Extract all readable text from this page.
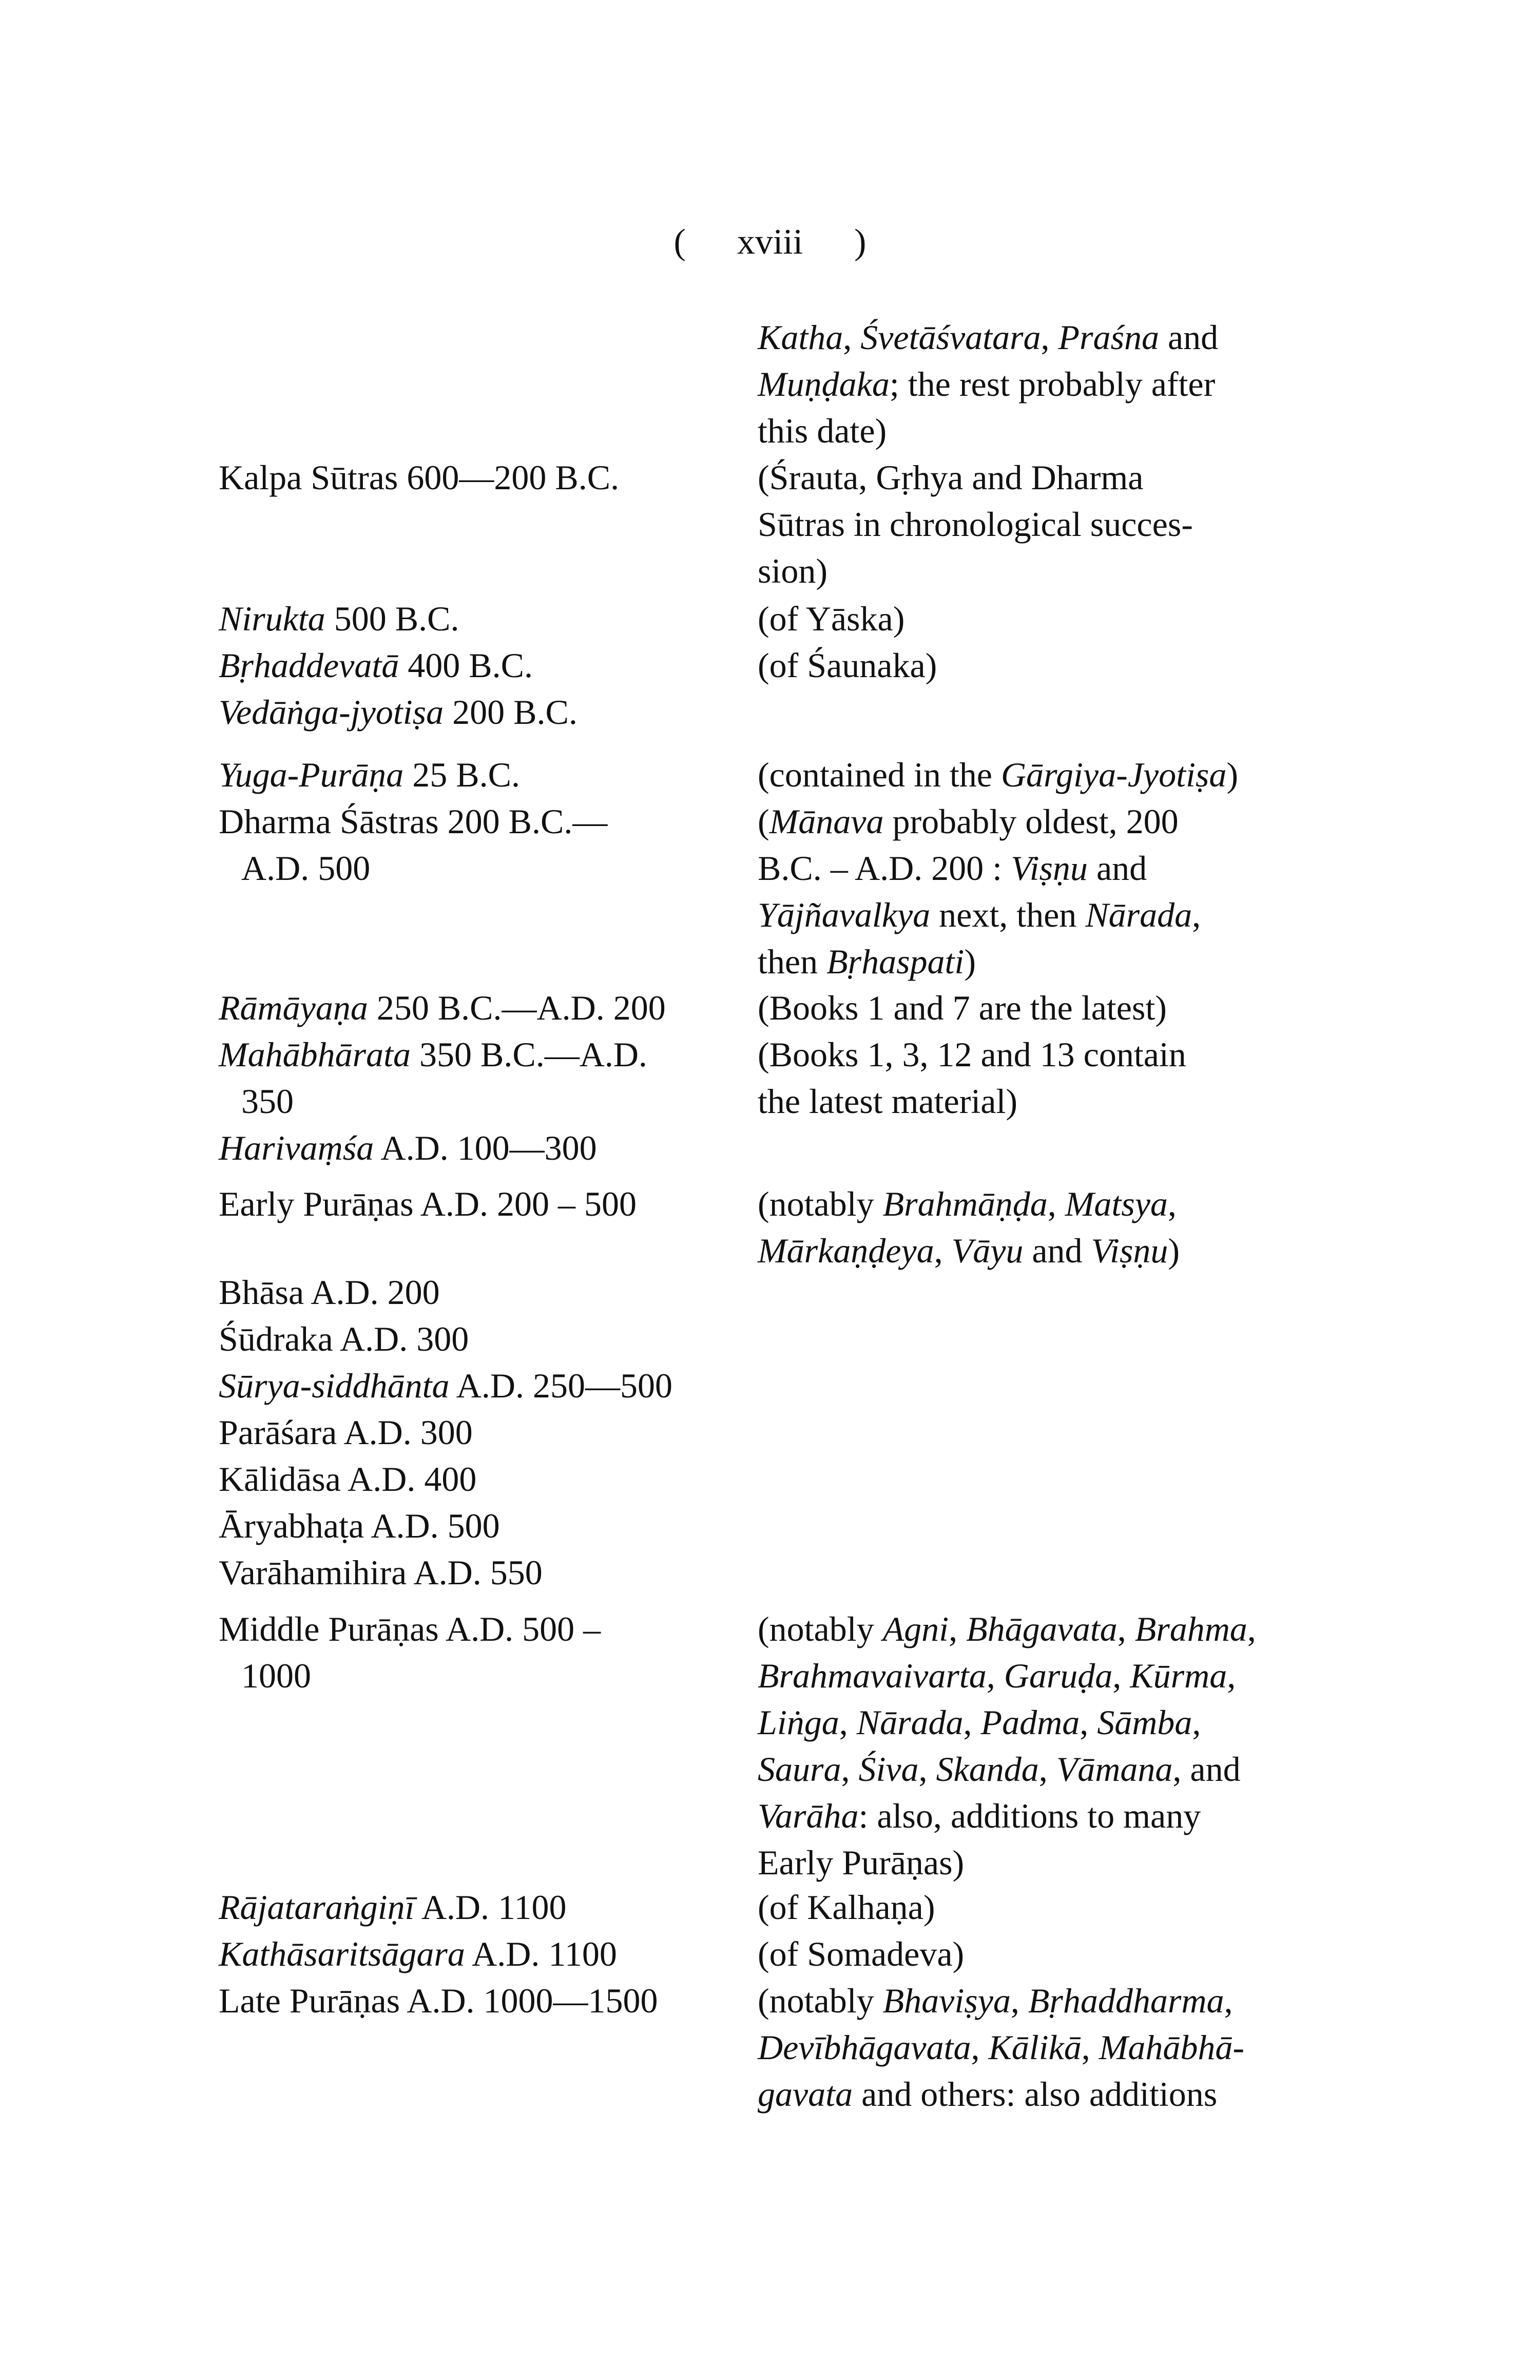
( xviii )
Katha, Śvetāśvatara, Praśna and
Muṇḍaka; the rest probably after
this date)
Kalpa Sūtras 600—200 B.C.	(Śrauta, Gṛhya and Dharma
Sūtras in chronological succes-
sion)
Nirukta 500 B.C.
Bṛhaddevatā 400 B.C.
Vedāṅga-jyotiṣa 200 B.C.
(of Yāska)
(of Śaunaka)
Yuga-Purāṇa 25 B.C.
Dharma Śāstras 200 B.C.—
A.D. 500
(contained in the Gārgiya-Jyotiṣa)
(Mānava probably oldest, 200
B.C. – A.D. 200 : Viṣṇu and
Yājñavalkya next, then Nārada,
then Bṛhaspati)
Rāmāyaṇa 250 B.C.—A.D. 200
Mahābhārata 350 B.C.—A.D.
350
Harivaṃśa A.D. 100—300
(Books 1 and 7 are the latest)
(Books 1, 3, 12 and 13 contain
the latest material)
Early Purāṇas A.D. 200 – 500	(notably Brahmāṇḍa, Matsya,
Mārkaṇḍeya, Vāyu and Viṣṇu)
Bhāsa A.D. 200
Śūdraka A.D. 300
Sūrya-siddhānta A.D. 250—500
Parāśara A.D. 300
Kālidāsa A.D. 400
Āryabhaṭa A.D. 500
Varāhamihira A.D. 550
Middle Purāṇas A.D. 500 –
1000
(notably Agni, Bhāgavata, Brahma,
Brahmavaivarta, Garuḍa, Kūrma,
Liṅga, Nārada, Padma, Sāmba,
Saura, Śiva, Skanda, Vāmana, and
Varāha: also, additions to many
Early Purāṇas)
Rājataraṅgiṇī A.D. 1100
Kathāsaritsāgara A.D. 1100
Late Purāṇas A.D. 1000—1500
(of Kalhaṇa)
(of Somadeva)
(notably Bhaviṣya, Bṛhaddharma,
Devībhāgavata, Kālikā, Mahābhā-
gavata and others: also additions
